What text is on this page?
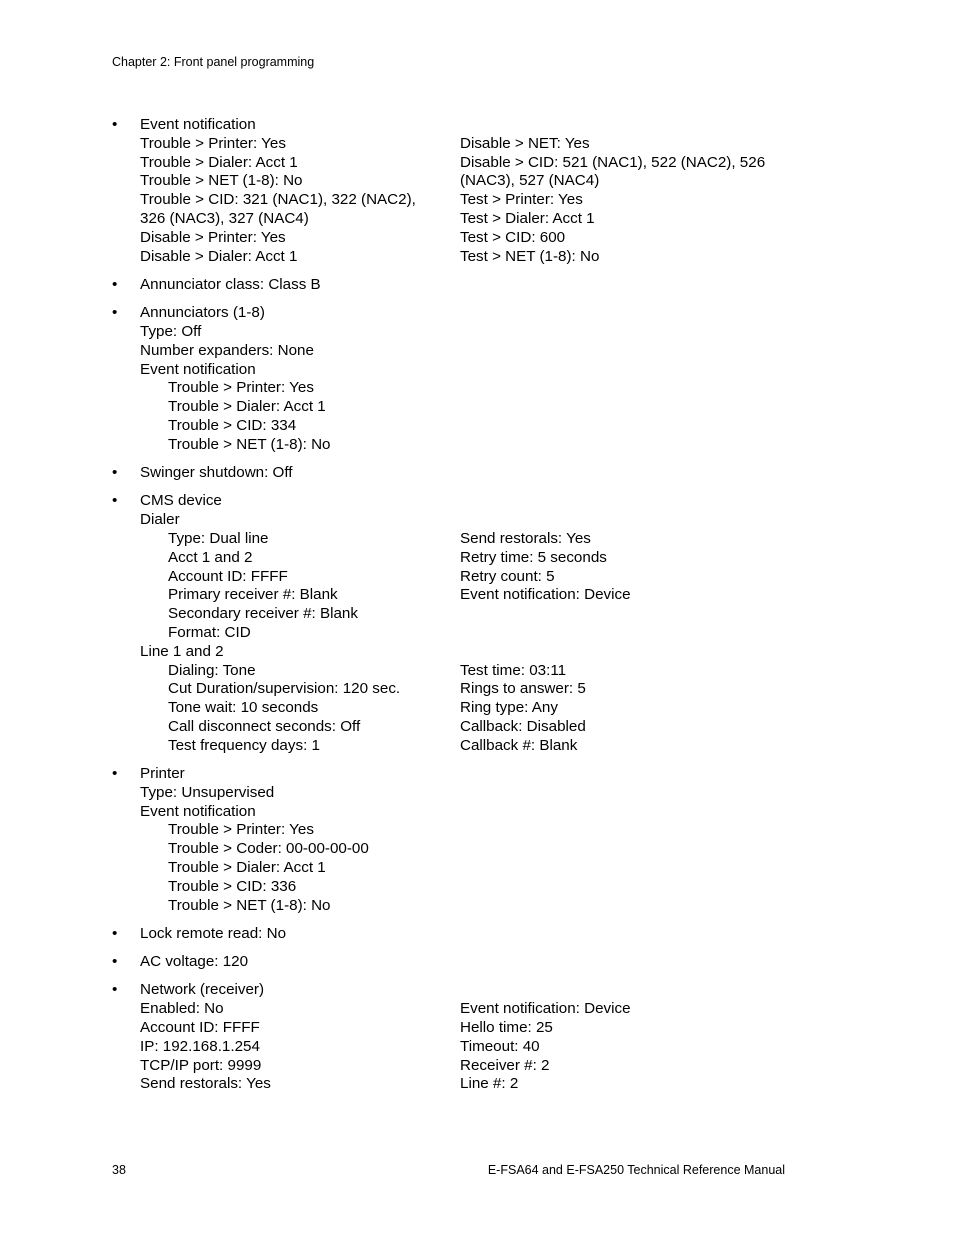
Chapter 2: Front panel programming
• Event notification
Trouble > Printer: Yes
Trouble > Dialer: Acct 1
Trouble > NET (1-8): No
Trouble > CID: 321 (NAC1), 322 (NAC2),
326 (NAC3), 327 (NAC4)
Disable > Printer: Yes
Disable > Dialer: Acct 1
Disable > NET: Yes
Disable > CID: 521 (NAC1), 522 (NAC2), 526
(NAC3), 527 (NAC4)
Test > Printer: Yes
Test > Dialer: Acct 1
Test > CID: 600
Test > NET (1-8): No
• Annunciator class: Class B
• Annunciators (1-8)
Type: Off
Number expanders: None
Event notification
Trouble > Printer: Yes
Trouble > Dialer: Acct 1
Trouble > CID: 334
Trouble > NET (1-8): No
• Swinger shutdown: Off
• CMS device
Dialer
Type: Dual line
Acct 1 and 2
Account ID: FFFF
Primary receiver #: Blank
Secondary receiver #: Blank
Format: CID
Send restorals: Yes
Retry time: 5 seconds
Retry count: 5
Event notification: Device
Line 1 and 2
Dialing: Tone
Cut Duration/supervision: 120 sec.
Tone wait: 10 seconds
Call disconnect seconds: Off
Test frequency days: 1
Test time: 03:11
Rings to answer: 5
Ring type: Any
Callback: Disabled
Callback #: Blank
• Printer
Type: Unsupervised
Event notification
Trouble > Printer: Yes
Trouble > Coder: 00-00-00-00
Trouble > Dialer: Acct 1
Trouble > CID: 336
Trouble > NET (1-8): No
• Lock remote read: No
• AC voltage: 120
• Network (receiver)
Enabled: No
Account ID: FFFF
IP: 192.168.1.254
TCP/IP port: 9999
Send restorals: Yes
Event notification: Device
Hello time: 25
Timeout: 40
Receiver #: 2
Line #: 2
38	E-FSA64 and E-FSA250 Technical Reference Manual
